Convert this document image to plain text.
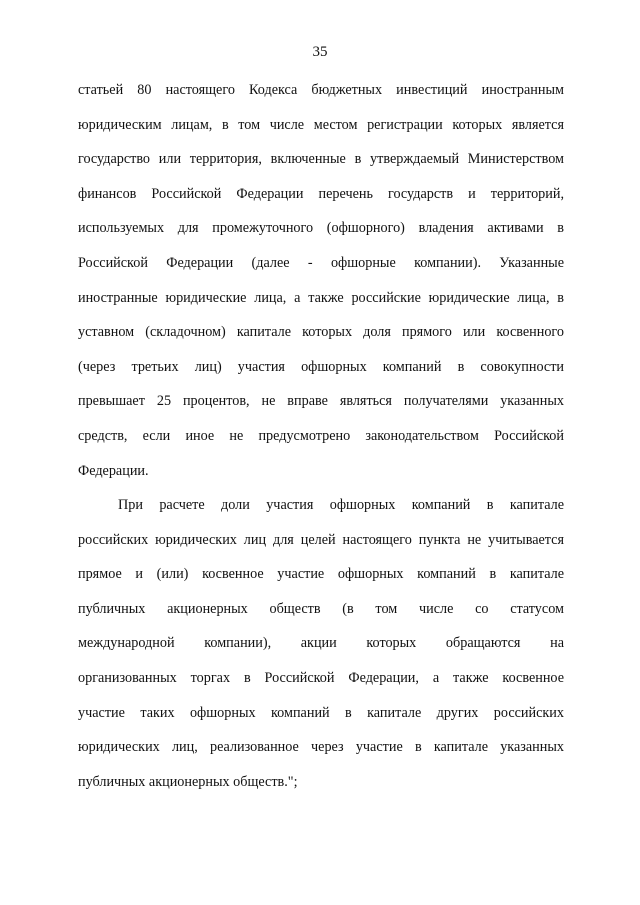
35
статьей 80 настоящего Кодекса бюджетных инвестиций иностранным
юридическим лицам, в том числе местом регистрации которых является
государство или территория, включенные в утверждаемый Министерством
финансов Российской Федерации перечень государств и территорий,
используемых для промежуточного (офшорного) владения активами в
Российской Федерации (далее - офшорные компании). Указанные
иностранные юридические лица, а также российские юридические лица, в
уставном (складочном) капитале которых доля прямого или косвенного
(через третьих лиц) участия офшорных компаний в совокупности
превышает 25 процентов, не вправе являться получателями указанных
средств, если иное не предусмотрено законодательством Российской
Федерации.
При расчете доли участия офшорных компаний в капитале
российских юридических лиц для целей настоящего пункта не учитывается
прямое и (или) косвенное участие офшорных компаний в капитале
публичных акционерных обществ (в том числе со статусом
международной компании), акции которых обращаются на
организованных торгах в Российской Федерации, а также косвенное
участие таких офшорных компаний в капитале других российских
юридических лиц, реализованное через участие в капитале указанных
публичных акционерных обществ.";
